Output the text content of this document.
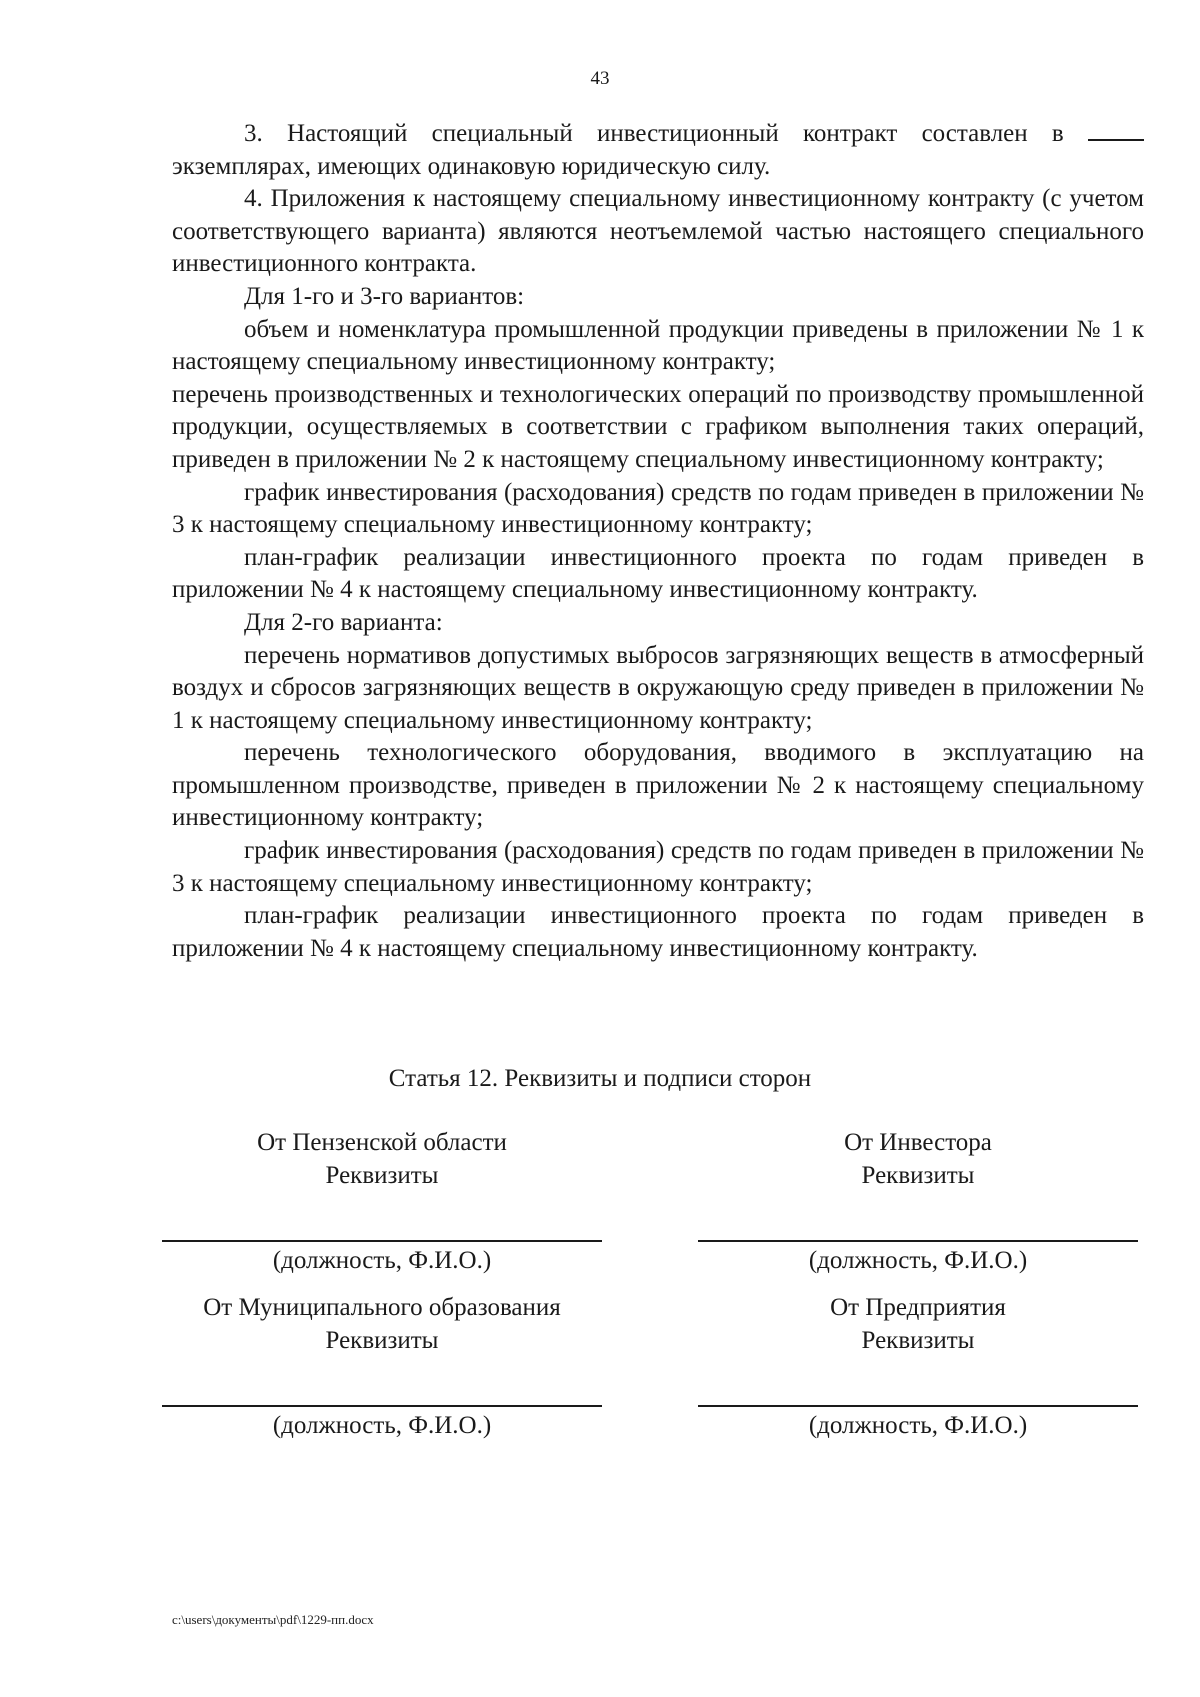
43

3. Настоящий специальный инвестиционный контракт составлен в  экземплярах, имеющих одинаковую юридическую силу.

4. Приложения к настоящему специальному инвестиционному контракту (с учетом соответствующего варианта) являются неотъемлемой частью настоящего специального инвестиционного контракта.

Для 1-го и 3-го вариантов:

объем и номенклатура промышленной продукции приведены в приложении № 1 к настоящему специальному инвестиционному контракту;

перечень производственных и технологических операций по производству промышленной продукции, осуществляемых в соответствии с графиком выполнения таких операций, приведен в приложении № 2 к настоящему специальному инвестиционному контракту;

график инвестирования (расходования) средств по годам приведен в приложении № 3 к настоящему специальному инвестиционному контракту;

план-график реализации инвестиционного проекта по годам приведен в приложении № 4 к настоящему специальному инвестиционному контракту.

Для 2-го варианта:

перечень нормативов допустимых выбросов загрязняющих веществ в атмосферный воздух и сбросов загрязняющих веществ в окружающую среду приведен в приложении № 1 к настоящему специальному инвестиционному контракту;

перечень технологического оборудования, вводимого в эксплуатацию на промышленном производстве, приведен в приложении № 2 к настоящему специальному инвестиционному контракту;

график инвестирования (расходования) средств по годам приведен в приложении № 3 к настоящему специальному инвестиционному контракту;

план-график реализации инвестиционного проекта по годам приведен в приложении № 4 к настоящему специальному инвестиционному контракту.

Статья 12. Реквизиты и подписи сторон
От Пензенской области
Реквизиты
(должность, Ф.И.О.)
От Инвестора
Реквизиты
(должность, Ф.И.О.)
От Муниципального образования
Реквизиты
(должность, Ф.И.О.)
От Предприятия
Реквизиты
(должность, Ф.И.О.)
c:\users\документы\pdf\1229-пп.docx
